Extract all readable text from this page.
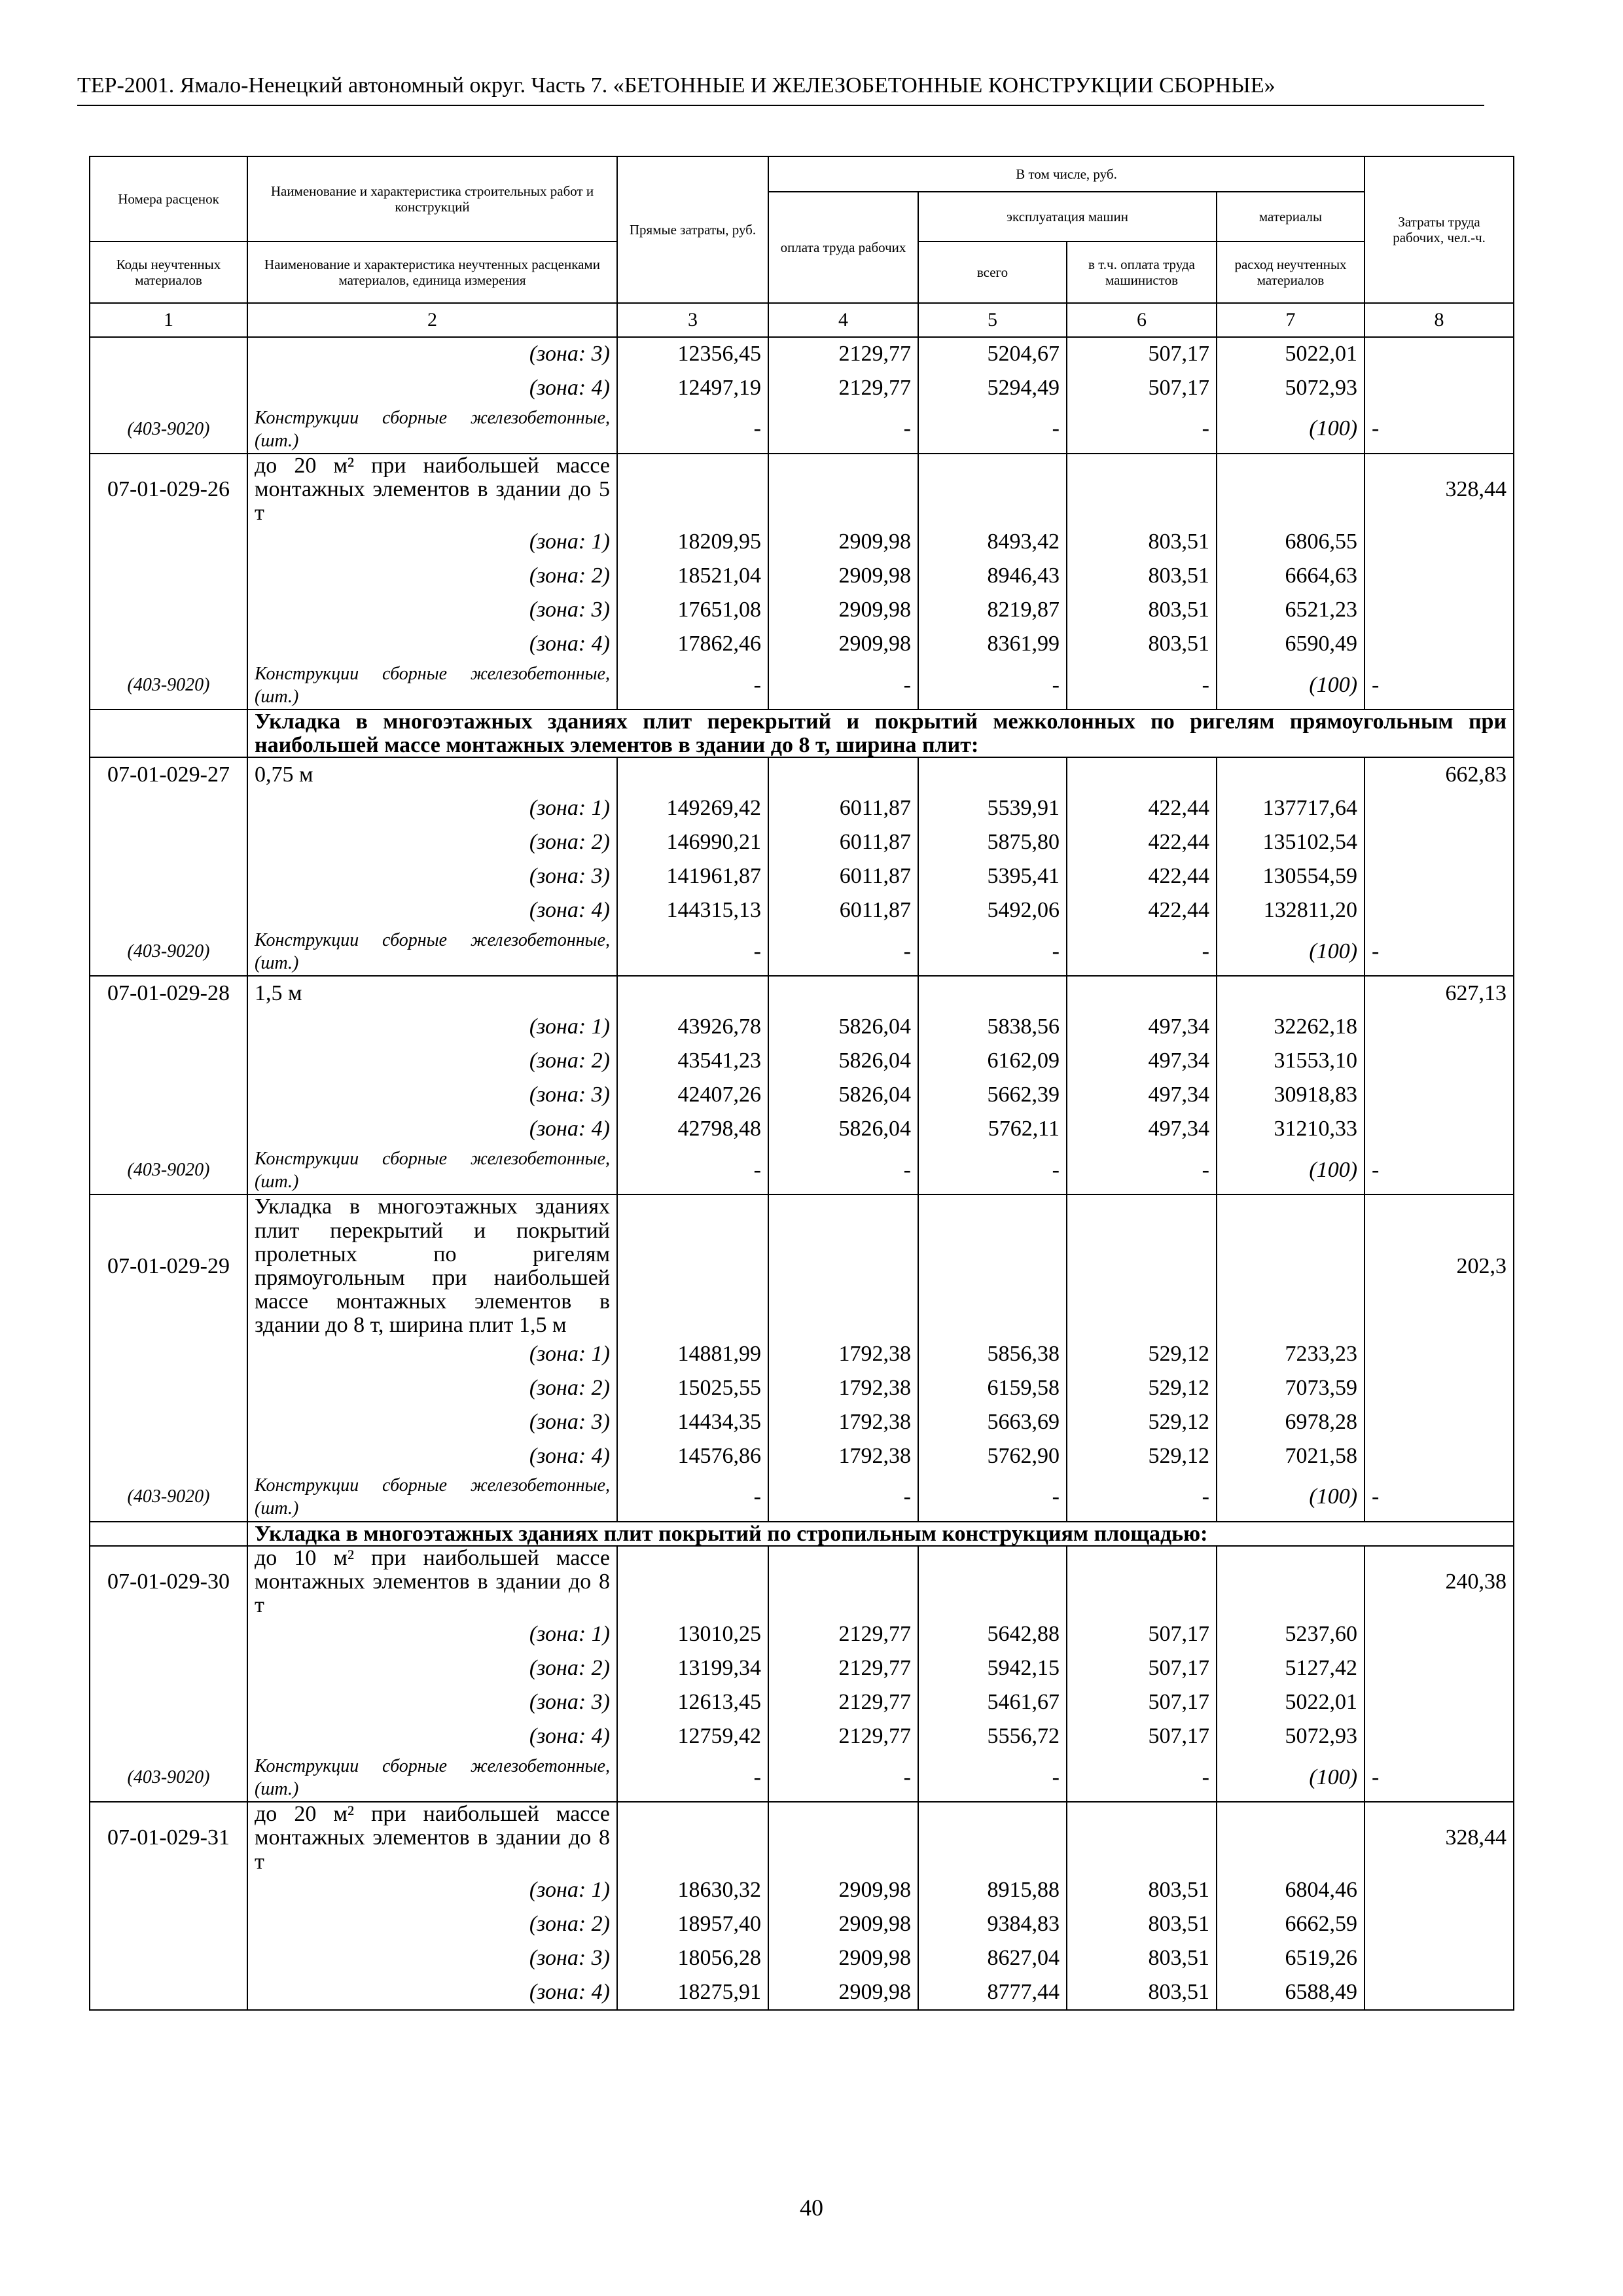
ТЕР-2001. Ямало-Ненецкий автономный округ. Часть 7. «БЕТОННЫЕ И ЖЕЛЕЗОБЕТОННЫЕ КОНСТРУКЦИИ СБОРНЫЕ»
Номера расценок	Наименование и характеристика строительных работ и конструкций	Прямые затраты, руб.	В том числе, руб.				Затраты труда рабочих, чел.-ч.
			оплата труда рабочих	эксплуатация машин		материалы	
Коды неучтенных материалов	Наименование и характеристика неучтенных расценками материалов, единица измерения			всего	в т.ч. оплата труда машинистов	расход неучтенных материалов	
1	2	3	4	5	6	7	8
	(зона: 3)	12356,45	2129,77	5204,67	507,17	5022,01	
	(зона: 4)	12497,19	2129,77	5294,49	507,17	5072,93	
(403-9020)	Конструкции сборные железобетонные, (шт.)	-	-	-	-	(100)	-
07-01-029-26	до 20 м² при наибольшей массе монтажных элементов в здании до 5 т						328,44
	(зона: 1)	18209,95	2909,98	8493,42	803,51	6806,55	
	(зона: 2)	18521,04	2909,98	8946,43	803,51	6664,63	
	(зона: 3)	17651,08	2909,98	8219,87	803,51	6521,23	
	(зона: 4)	17862,46	2909,98	8361,99	803,51	6590,49	
(403-9020)	Конструкции сборные железобетонные, (шт.)	-	-	-	-	(100)	-
	Укладка в многоэтажных зданиях плит перекрытий и покрытий межколонных по ригелям прямоугольным при наибольшей массе монтажных элементов в здании до 8 т, ширина плит:						
07-01-029-27	0,75 м						662,83
	(зона: 1)	149269,42	6011,87	5539,91	422,44	137717,64	
	(зона: 2)	146990,21	6011,87	5875,80	422,44	135102,54	
	(зона: 3)	141961,87	6011,87	5395,41	422,44	130554,59	
	(зона: 4)	144315,13	6011,87	5492,06	422,44	132811,20	
(403-9020)	Конструкции сборные железобетонные, (шт.)	-	-	-	-	(100)	-
07-01-029-28	1,5 м						627,13
	(зона: 1)	43926,78	5826,04	5838,56	497,34	32262,18	
	(зона: 2)	43541,23	5826,04	6162,09	497,34	31553,10	
	(зона: 3)	42407,26	5826,04	5662,39	497,34	30918,83	
	(зона: 4)	42798,48	5826,04	5762,11	497,34	31210,33	
(403-9020)	Конструкции сборные железобетонные, (шт.)	-	-	-	-	(100)	-
07-01-029-29	Укладка в многоэтажных зданиях плит перекрытий и покрытий пролетных по ригелям прямоугольным при наибольшей массе монтажных элементов в здании до 8 т, ширина плит 1,5 м						202,3
	(зона: 1)	14881,99	1792,38	5856,38	529,12	7233,23	
	(зона: 2)	15025,55	1792,38	6159,58	529,12	7073,59	
	(зона: 3)	14434,35	1792,38	5663,69	529,12	6978,28	
	(зона: 4)	14576,86	1792,38	5762,90	529,12	7021,58	
(403-9020)	Конструкции сборные железобетонные, (шт.)	-	-	-	-	(100)	-
	Укладка в многоэтажных зданиях плит покрытий по стропильным конструкциям площадью:						
07-01-029-30	до 10 м² при наибольшей массе монтажных элементов в здании до 8 т						240,38
	(зона: 1)	13010,25	2129,77	5642,88	507,17	5237,60	
	(зона: 2)	13199,34	2129,77	5942,15	507,17	5127,42	
	(зона: 3)	12613,45	2129,77	5461,67	507,17	5022,01	
	(зона: 4)	12759,42	2129,77	5556,72	507,17	5072,93	
(403-9020)	Конструкции сборные железобетонные, (шт.)	-	-	-	-	(100)	-
07-01-029-31	до 20 м² при наибольшей массе монтажных элементов в здании до 8 т						328,44
	(зона: 1)	18630,32	2909,98	8915,88	803,51	6804,46	
	(зона: 2)	18957,40	2909,98	9384,83	803,51	6662,59	
	(зона: 3)	18056,28	2909,98	8627,04	803,51	6519,26	
	(зона: 4)	18275,91	2909,98	8777,44	803,51	6588,49	
40
